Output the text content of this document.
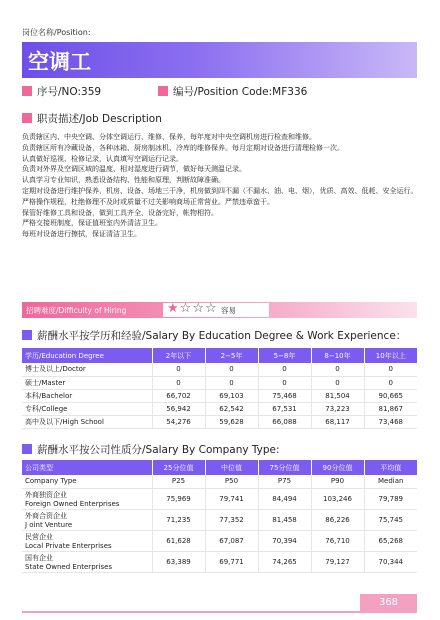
岗位名称/Position:
空调工
序号/NO:359	编号/Position Code:MF336
职责描述/Job Description
负责辖区内、中央空调、分体空调运行、维修、保养，每年度对中央空调机房进行检查和维修。
负责辖区所有冷藏设备，各种冰箱、厨房制冰机、冷库的维修保养。每月定期对设备进行清理检修一次。
认真做好巡视、检修记录，认真填写空调运行记录。
负责对外界及空调区域的温度、相对湿度进行调节，做好每天测温记录。
认真学习专业知识，熟悉设备结构、性能和原理，判断故障准确。
定期对设备进行维护保养，机房、设备、场地三干净，机房做到四不漏（不漏水、油、电、烟），优质、高效、低耗、安全运行。
严格操作规程，杜绝修理不及时或质量不过关影响商场正常营业。严禁违章蛮干。
保管好维修工具和设备，做到工具齐全、设备完好，帐物相符。
严格交接班制度，保证值班室内外清洁卫生。
每班对设备进行擦拭，保证清洁卫生。
招聘难度/Difficulty of Hiring	★☆☆☆ 容易
薪酬水平按学历和经验/Salary By Education Degree & Work Experience：
学历/Education Degree	2年以下	2−5年	5−8年	8−10年	10年以上
博士及以上/Doctor	0	0	0	0	0
硕士/Master	0	0	0	0	0
本科/Bachelor	66,702	69,103	75,468	81,504	90,665
专科/College	56,942	62,542	67,531	73,223	81,867
高中及以下/High School	54,276	59,628	66,088	68,117	73,468
薪酬水平按公司性质分/Salary By Company Type:
公司类型	25分位值	中位值	75分位值	90分位值	平均值

Company Type	P25	P50	P75	P90	Median

外商独资企业
Foreign Owned Enterprises	75,969	79,741	84,494	103,246	79,789

外商合资企业
J oint Venture	71,235	77,352	81,458	86,226	75,745

民营企业
Local Private Enterprises	61,628	67,087	70,394	76,710	65,268

国有企业
State Owned Enterprises	63,389	69,771	74,265	79,127	70,344
368
